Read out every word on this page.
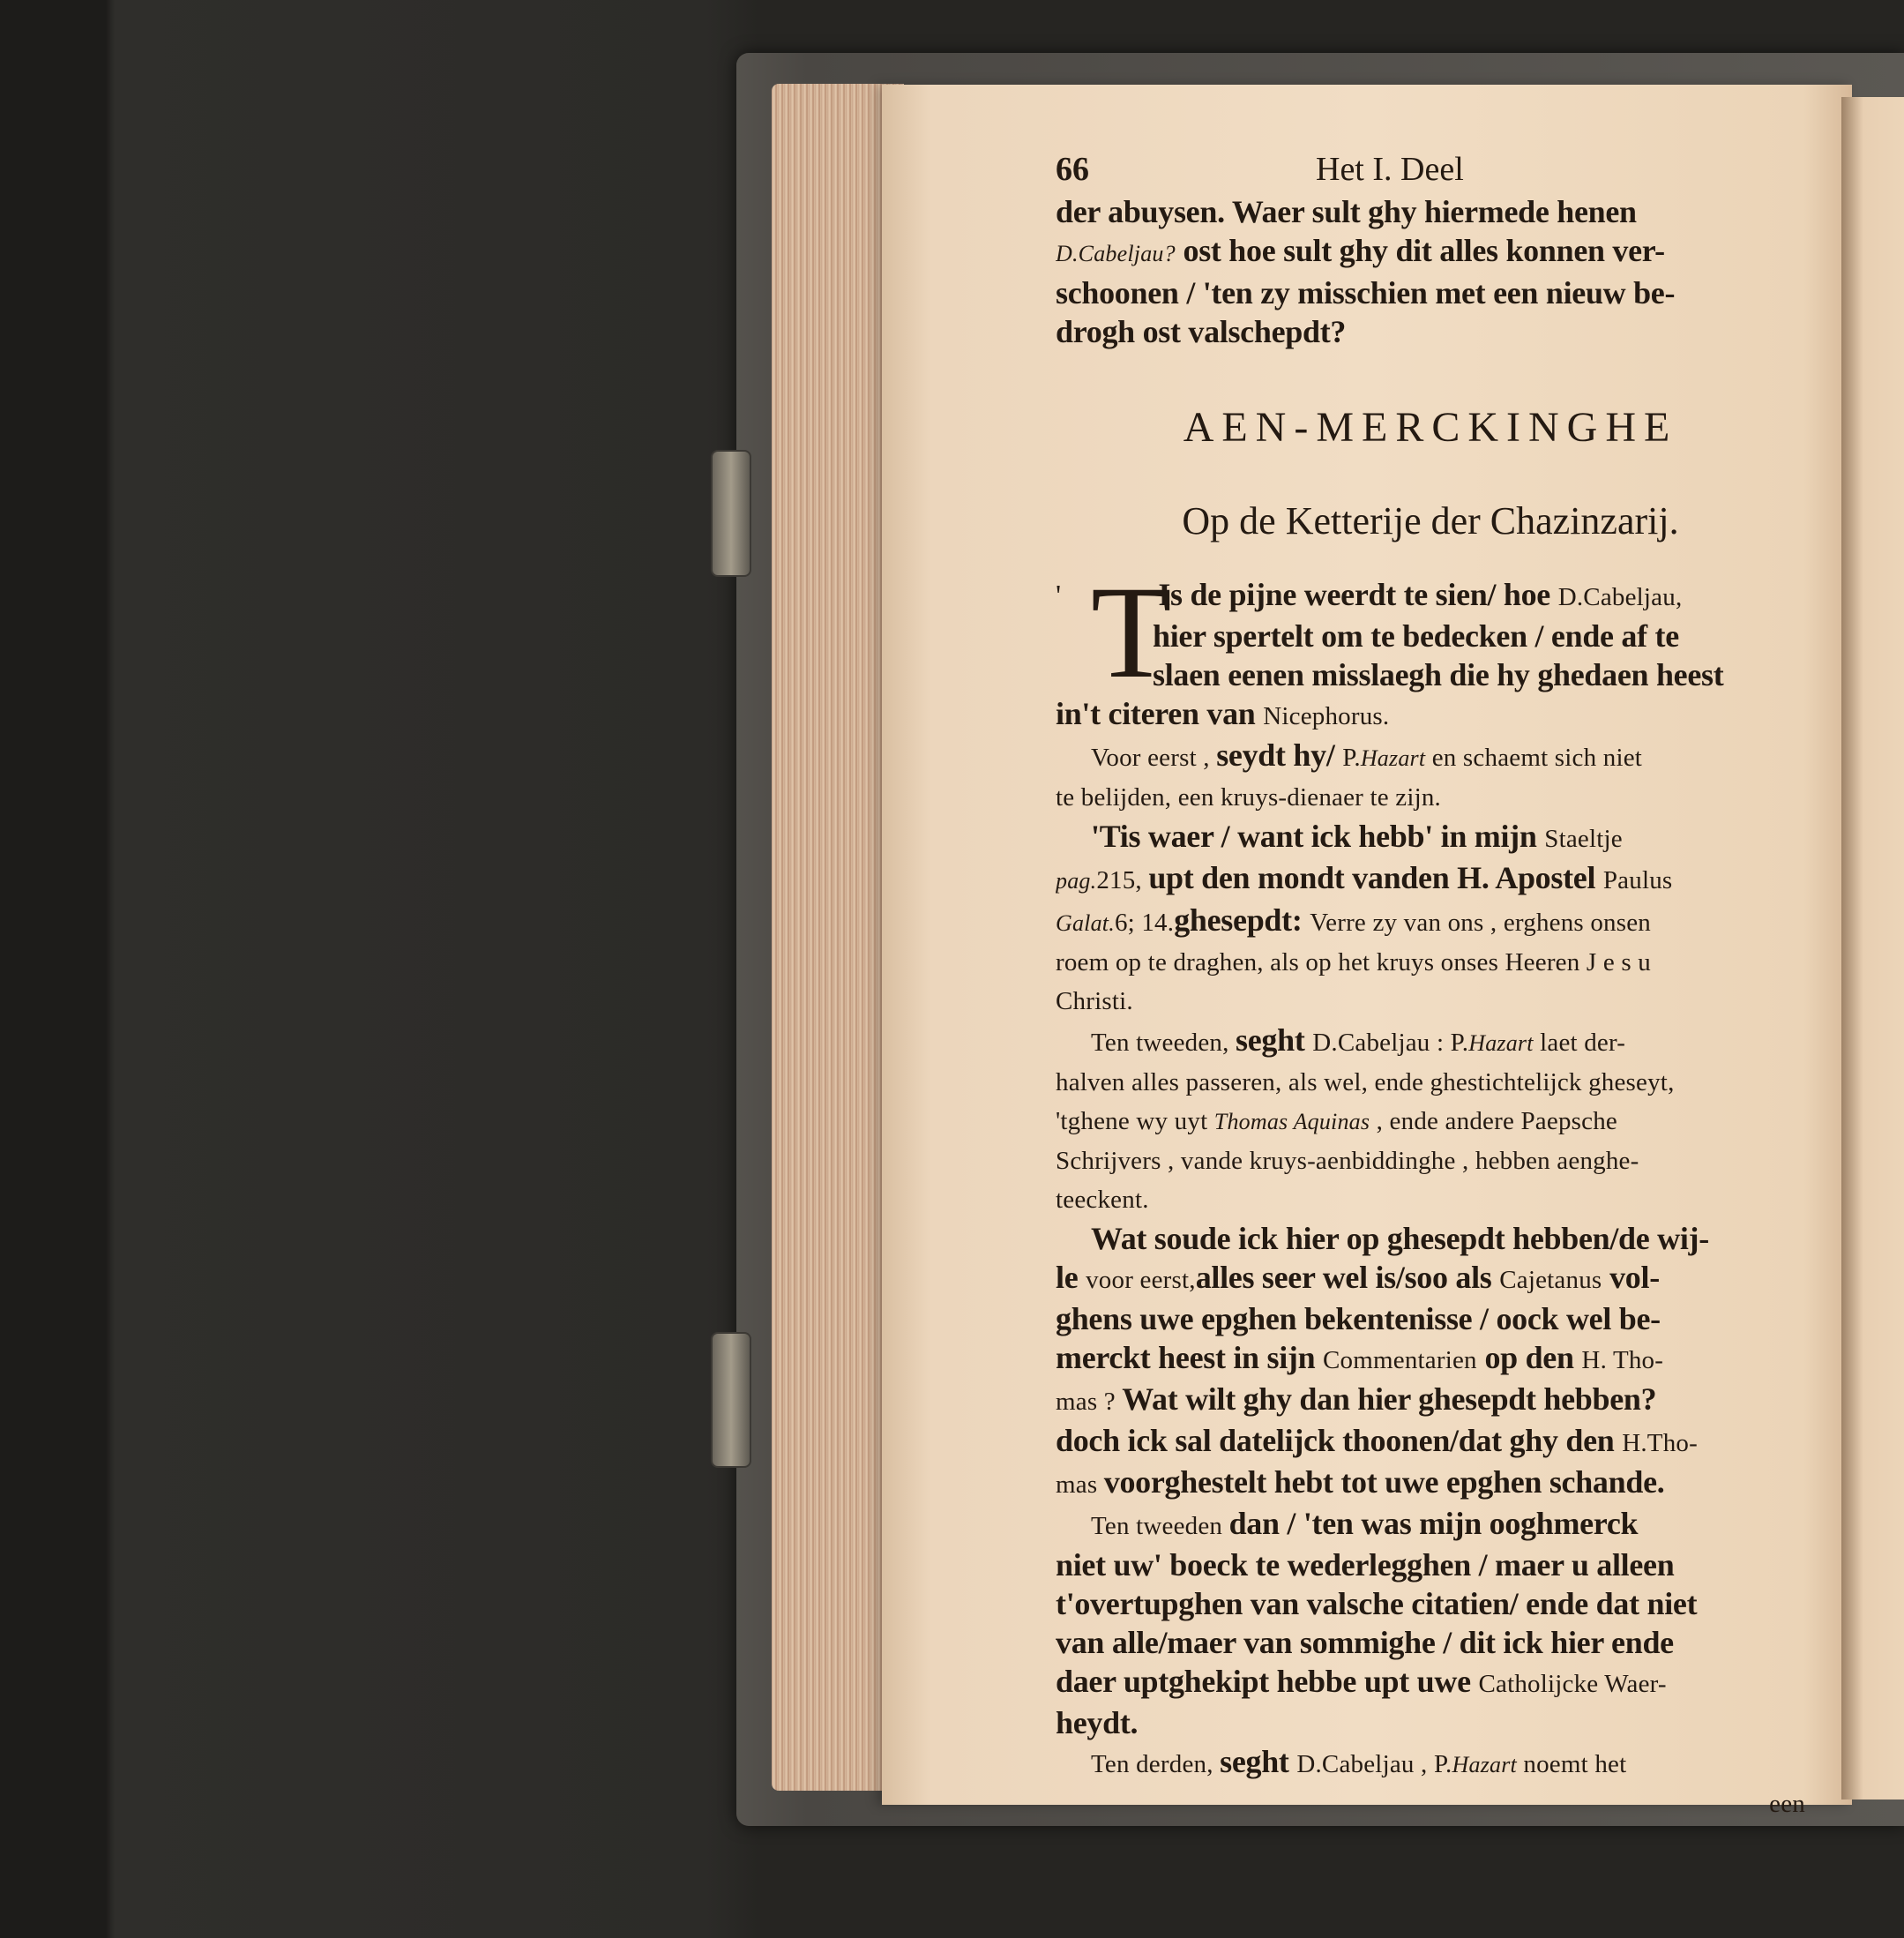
66	Het I. Deel
der abuysen. Waer sult ghy hiermede henen
D.Cabeljau? ost hoe sult ghy dit alles konnen ver-
schoonen / 'ten zy misschien met een nieuw be-
drogh ost valschepdt?
AEN-MERCKINGHE
Op de Ketterije der Chazinzarij.
T
'	Is de pijne weerdt te sien/ hoe D.Cabeljau,
hier spertelt om te bedecken / ende af te
slaen eenen misslaegh die hy ghedaen heest
in't citeren van Nicephorus.
Voor eerst , seydt hy/ P.Hazart en schaemt sich niet
te belijden, een kruys-dienaer te zijn.
'Tis waer / want ick hebb' in mijn Staeltje
pag.215, upt den mondt vanden H. Apostel Paulus
Galat.6; 14.ghesepdt: Verre zy van ons , erghens onsen
roem op te draghen, als op het kruys onses Heeren J e s u
Christi.
Ten tweeden, seght D.Cabeljau : P.Hazart laet der-
halven alles passeren, als wel, ende ghestichtelijck gheseyt,
'tghene wy uyt Thomas Aquinas , ende andere Paepsche
Schrijvers , vande kruys-aenbiddinghe , hebben aenghe-
teeckent.
Wat soude ick hier op ghesepdt hebben/de wij-
le voor eerst,alles seer wel is/soo als Cajetanus vol-
ghens uwe epghen bekentenisse / oock wel be-
merckt heest in sijn Commentarien op den H. Tho-
mas ? Wat wilt ghy dan hier ghesepdt hebben?
doch ick sal datelijck thoonen/dat ghy den H.Tho-
mas voorghestelt hebt tot uwe epghen schande.
Ten tweeden dan / 'ten was mijn ooghmerck
niet uw' boeck te wederlegghen / maer u alleen
t'overtupghen van valsche citatien/ ende dat niet
van alle/maer van sommighe / dit ick hier ende
daer uptghekipt hebbe upt uwe Catholijcke Waer-
heydt.
Ten derden, seght D.Cabeljau , P.Hazart noemt het
een
